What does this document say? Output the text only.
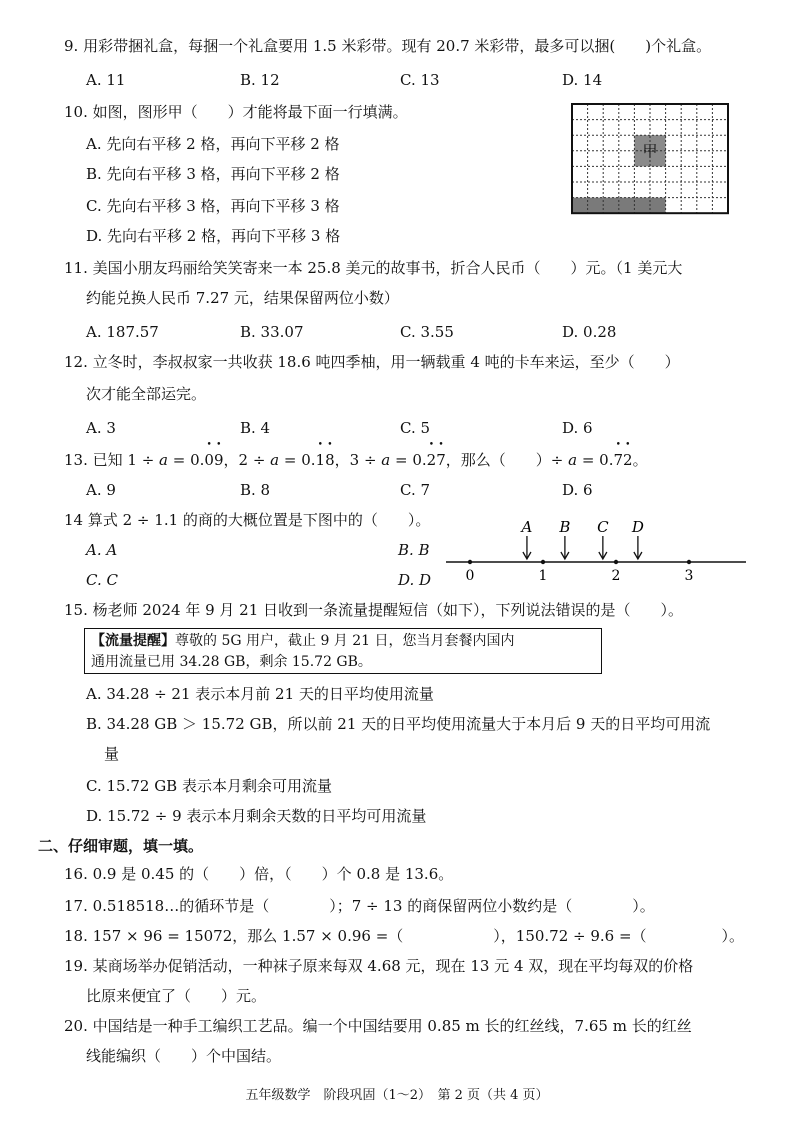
9. 用彩带捆礼盒，每捆一个礼盒要用 1.5 米彩带。现有 20.7 米彩带，最多可以捆(　　)个礼盒。
A. 11	B. 12	C. 13	D. 14
10. 如图，图形甲（　　）才能将最下面一行填满。
A. 先向右平移 2 格，再向下平移 2 格
B. 先向右平移 3 格，再向下平移 2 格
C. 先向右平移 3 格，再向下平移 3 格
D. 先向右平移 2 格，再向下平移 3 格
甲
11. 美国小朋友玛丽给笑笑寄来一本 25.8 美元的故事书，折合人民币（　　）元。（1 美元大
约能兑换人民币 7.27 元，结果保留两位小数）
A. 187.57	B. 33.07	C. 3.55	D. 0.28
12. 立冬时，李叔叔家一共收获 18.6 吨四季柚，用一辆载重 4 吨的卡车来运，至少（　　）
次才能全部运完。
A. 3	B. 4	C. 5	D. 6
13. 已知 1 ÷ a = 0.• 0• 9，2 ÷ a = 0.• 1• 8，3 ÷ a = 0.• 2• 7，那么（　　）÷ a = 0.• 7• 2。
A. 9	B. 8	C. 7	D. 6
14 算式 2 ÷ 1.1 的商的大概位置是下图中的（　　）。
A. A	B. B
C. C	D. D 0	1	2	3
A B C D
15. 杨老师 2024 年 9 月 21 日收到一条流量提醒短信（如下），下列说法错误的是（　　）。
【流量提醒】尊敬的 5G 用户，截止 9 月 21 日，您当月套餐内国内
通用流量已用 34.28 GB，剩余 15.72 GB。
A. 34.28 ÷ 21 表示本月前 21 天的日平均使用流量
B. 34.28 GB ＞ 15.72 GB，所以前 21 天的日平均使用流量大于本月后 9 天的日平均可用流
量
C. 15.72 GB 表示本月剩余可用流量
D. 15.72 ÷ 9 表示本月剩余天数的日平均可用流量
二、仔细审题，填一填。
16. 0.9 是 0.45 的（　　）倍，（　　）个 0.8 是 13.6。
17. 0.518518…的循环节是（　　　　）；7 ÷ 13 的商保留两位小数约是（　　　　）。
18. 157 × 96 = 15072，那么 1.57 × 0.96 =（　　　　　　），150.72 ÷ 9.6 =（　　　　　）。
19. 某商场举办促销活动，一种袜子原来每双 4.68 元，现在 13 元 4 双，现在平均每双的价格
比原来便宜了（　　）元。
20. 中国结是一种手工编织工艺品。编一个中国结要用 0.85 m 长的红丝线，7.65 m 长的红丝
线能编织（　　）个中国结。
五年级数学　阶段巩固（1～2）　第 2 页（共 4 页）
